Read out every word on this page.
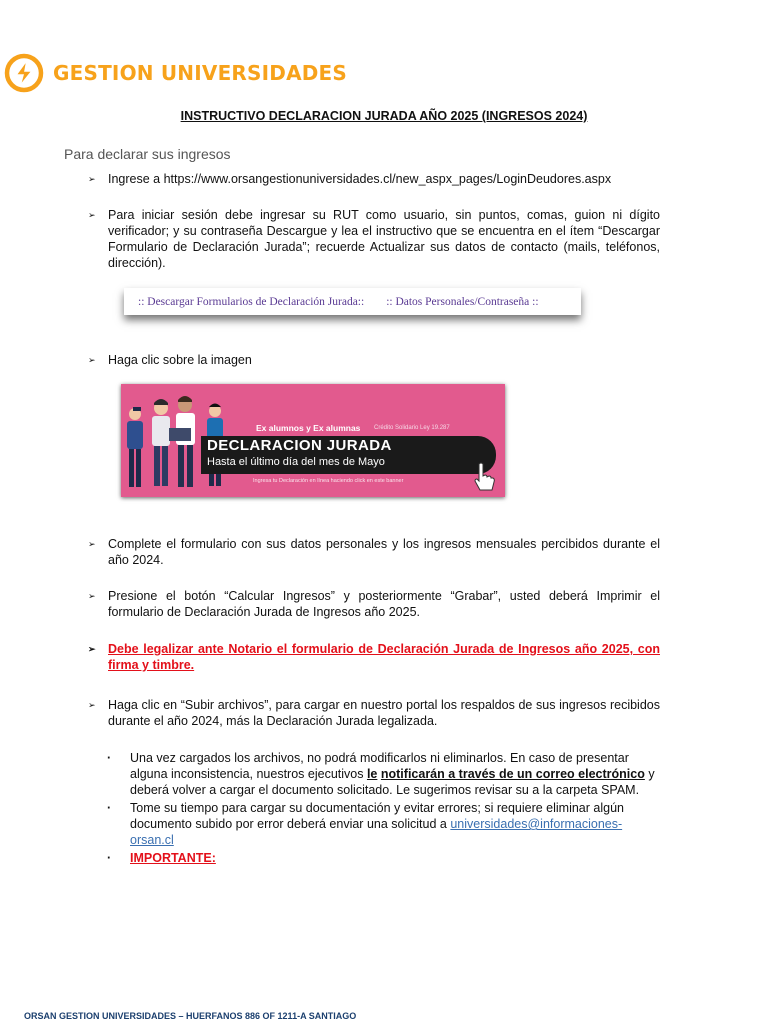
GESTION UNIVERSIDADES
INSTRUCTIVO DECLARACION JURADA AÑO 2025 (INGRESOS 2024)
Para declarar sus ingresos
➢ Ingrese a https://www.orsangestionuniversidades.cl/new_aspx_pages/LoginDeudores.aspx
➢ Para iniciar sesión debe ingresar su RUT como usuario, sin puntos, comas, guion ni dígito verificador; y su contraseña Descargue y lea el instructivo que se encuentra en el ítem “Descargar Formulario de Declaración Jurada”; recuerde Actualizar sus datos de contacto (mails, teléfonos, dirección).
:: Descargar Formularios de Declaración Jurada:: :: Datos Personales/Contraseña ::
➢ Haga clic sobre la imagen
Ex alumnos y Ex alumnas Crédito Solidario Ley 19.287
DECLARACION JURADA
Hasta el último día del mes de Mayo
Ingresa tu Declaración en línea haciendo click en este banner
➢ Complete el formulario con sus datos personales y los ingresos mensuales percibidos durante el año 2024.
➢ Presione el botón “Calcular Ingresos” y posteriormente “Grabar”, usted deberá Imprimir el formulario de Declaración Jurada de Ingresos año 2025.
➢ Debe legalizar ante Notario el formulario de Declaración Jurada de Ingresos año 2025, con firma y timbre.
➢ Haga clic en “Subir archivos”, para cargar en nuestro portal los respaldos de sus ingresos recibidos durante el año 2024, más la Declaración Jurada legalizada.
· Una vez cargados los archivos, no podrá modificarlos ni eliminarlos. En caso de presentar alguna inconsistencia, nuestros ejecutivos le notificarán a través de un correo electrónico y deberá volver a cargar el documento solicitado. Le sugerimos revisar su a la carpeta SPAM.
· Tome su tiempo para cargar su documentación y evitar errores; si requiere eliminar algún documento subido por error deberá enviar una solicitud a universidades@informaciones-orsan.cl
· IMPORTANTE:
ORSAN GESTION UNIVERSIDADES – HUERFANOS 886 OF 1211-A SANTIAGO
